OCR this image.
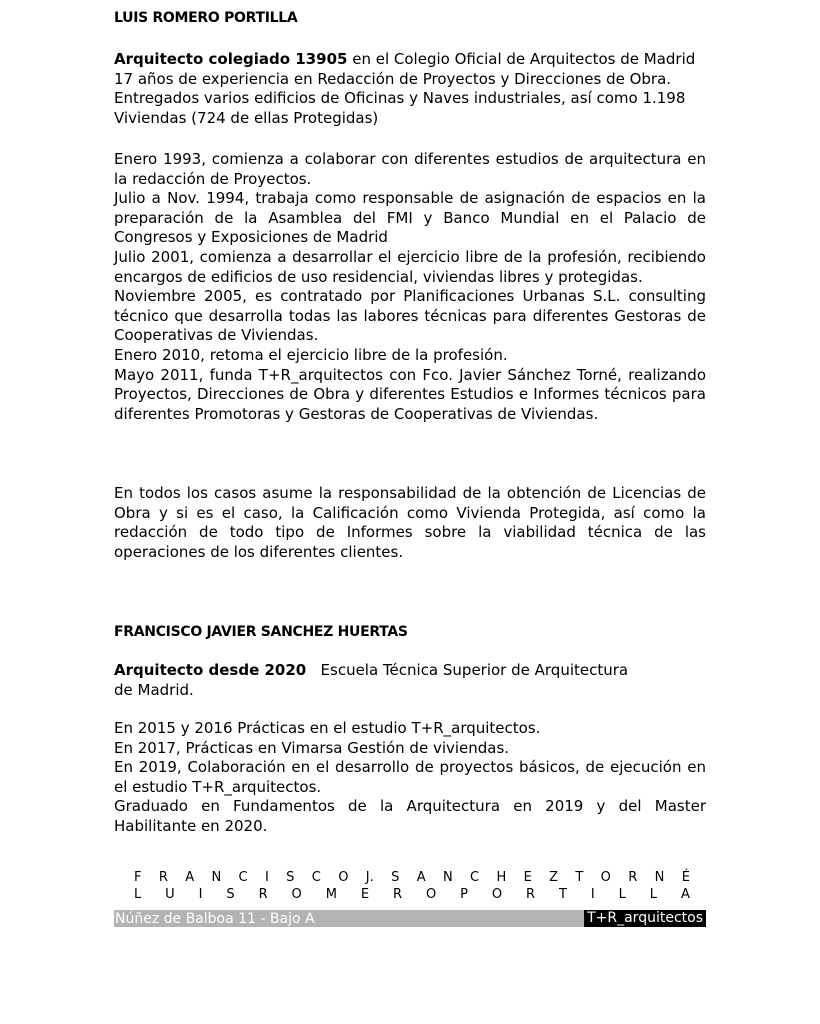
LUIS ROMERO PORTILLA

Arquitecto colegiado 13905 en el Colegio Oficial de Arquitectos de Madrid

17 años de experiencia en Redacción de Proyectos y Direcciones de Obra.

Entregados varios edificios de Oficinas y Naves industriales, así como 1.198

Viviendas (724 de ellas Protegidas)

Enero 1993, comienza a colaborar con diferentes estudios de arquitectura en la redacción de Proyectos.

Julio a Nov. 1994, trabaja como responsable de asignación de espacios en la preparación de la Asamblea del FMI y Banco Mundial en el Palacio de Congresos y Exposiciones de Madrid

Julio 2001, comienza a desarrollar el ejercicio libre de la profesión, recibiendo encargos de edificios de uso residencial, viviendas libres y protegidas.

Noviembre 2005, es contratado por Planificaciones Urbanas S.L. consulting técnico que desarrolla todas las labores técnicas para diferentes Gestoras de Cooperativas de Viviendas.

Enero 2010, retoma el ejercicio libre de la profesión.

Mayo 2011, funda T+R_arquitectos con Fco. Javier Sánchez Torné, realizando Proyectos, Direcciones de Obra y diferentes Estudios e Informes técnicos para diferentes Promotoras y Gestoras de Cooperativas de Viviendas.

En todos los casos asume la responsabilidad de la obtención de Licencias de Obra y si es el caso, la Calificación como Vivienda Protegida, así como la redacción de todo tipo de Informes sobre la viabilidad técnica de las operaciones de los diferentes clientes.

FRANCISCO JAVIER SANCHEZ HUERTAS

Arquitecto desde 2020   Escuela Técnica Superior de Arquitectura

de Madrid.

En 2015 y 2016 Prácticas en el estudio T+R_arquitectos.

En 2017, Prácticas en Vimarsa Gestión de viviendas.

En 2019, Colaboración en el desarrollo de proyectos básicos, de ejecución en el estudio T+R_arquitectos.

Graduado en Fundamentos de la Arquitectura en 2019 y del Master Habilitante en 2020.

F R A N C I S C O J. S A N C H E Z T O R N É
L U I S R O M E R O P O R T I L L A
Núñez de Balboa 11 - Bajo A	T+R_arquitectos
